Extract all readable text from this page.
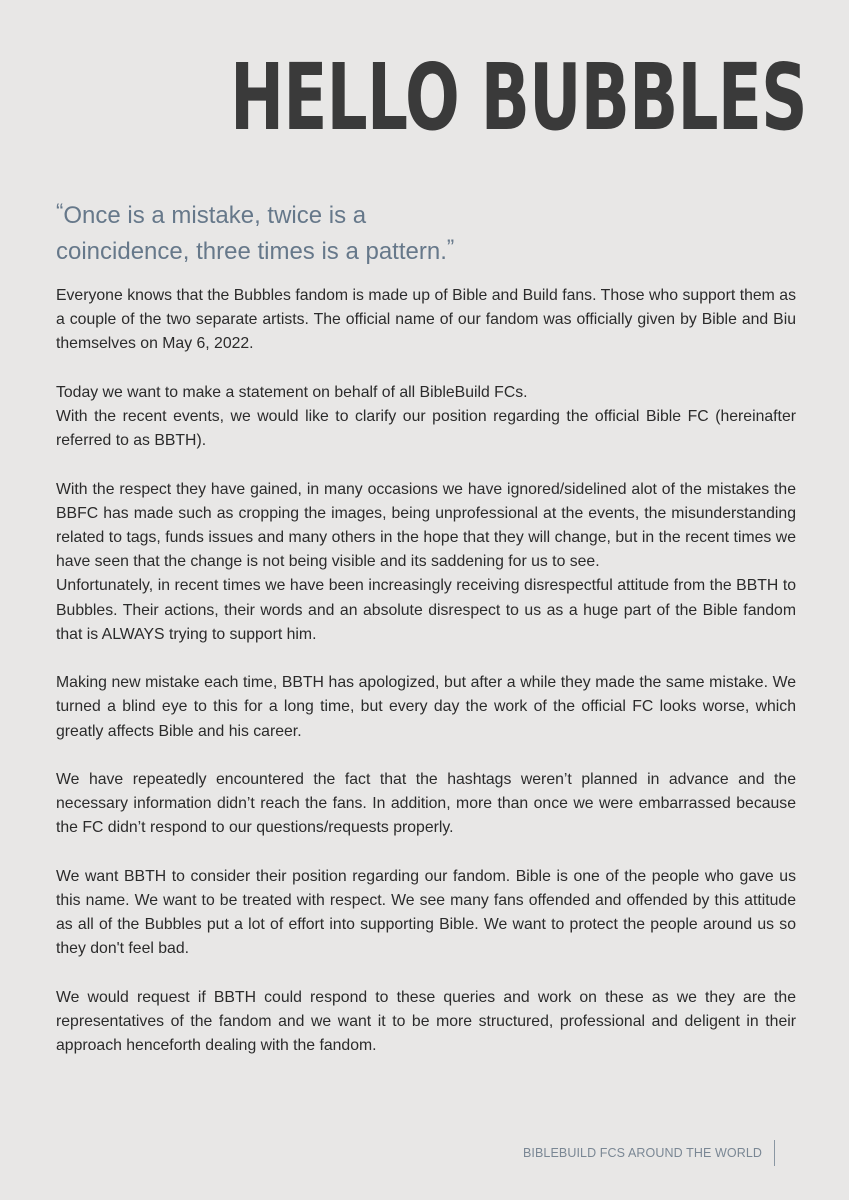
HELLO BUBBLES
“Once is a mistake, twice is a
coincidence, three times is a pattern.”

Everyone knows that the Bubbles fandom is made up of Bible and Build fans. Those who support them as a couple of the two separate artists. The official name of our fandom was officially given by Bible and Biu themselves on May 6, 2022.

Today we want to make a statement on behalf of all BibleBuild FCs.

With the recent events, we would like to clarify our position regarding the official Bible FC (hereinafter referred to as BBTH).

With the respect they have gained, in many occasions we have ignored/sidelined alot of the mistakes the BBFC has made such as cropping the images, being unprofessional at the events, the misunderstanding related to tags, funds issues and many others in the hope that they will change, but in the recent times we have seen that the change is not being visible and its saddening for us to see.

Unfortunately, in recent times we have been increasingly receiving disrespectful attitude from the BBTH to Bubbles. Their actions, their words and an absolute disrespect to us as a huge part of the Bible fandom that is ALWAYS trying to support him.

Making new mistake each time, BBTH has apologized, but after a while they made the same mistake. We turned a blind eye to this for a long time, but every day the work of the official FC looks worse, which greatly affects Bible and his career.

We have repeatedly encountered the fact that the hashtags weren’t planned in advance and the necessary information didn’t reach the fans. In addition, more than once we were embarrassed because the FC didn’t respond to our questions/requests properly.

We want BBTH to consider their position regarding our fandom. Bible is one of the people who gave us this name. We want to be treated with respect. We see many fans offended and offended by this attitude as all of the Bubbles put a lot of effort into supporting Bible. We want to protect the people around us so they don't feel bad.

We would request if BBTH could respond to these queries and work on these as we they are the representatives of the fandom and we want it to be more structured, professional and deligent in their approach henceforth dealing with the fandom.

BIBLEBUILD FCS AROUND THE WORLD
